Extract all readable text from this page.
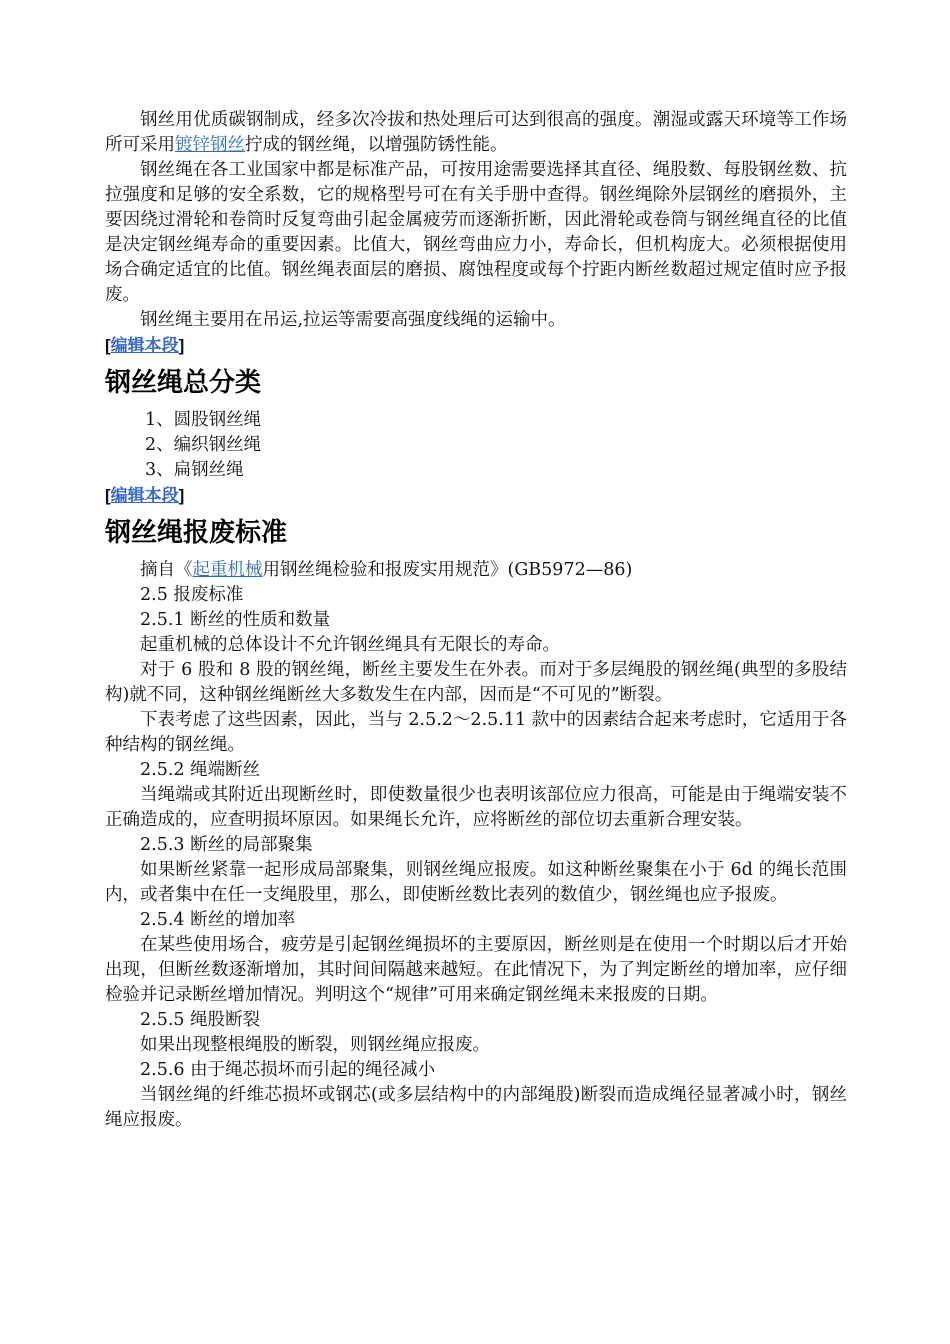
钢丝用优质碳钢制成，经多次冷拔和热处理后可达到很高的强度。潮湿或露天环境等工作场所可采用镀锌钢丝拧成的钢丝绳，以增强防锈性能。

钢丝绳在各工业国家中都是标准产品，可按用途需要选择其直径、绳股数、每股钢丝数、抗拉强度和足够的安全系数，它的规格型号可在有关手册中查得。钢丝绳除外层钢丝的磨损外，主要因绕过滑轮和卷筒时反复弯曲引起金属疲劳而逐渐折断，因此滑轮或卷筒与钢丝绳直径的比值是决定钢丝绳寿命的重要因素。比值大，钢丝弯曲应力小，寿命长，但机构庞大。必须根据使用场合确定适宜的比值。钢丝绳表面层的磨损、腐蚀程度或每个拧距内断丝数超过规定值时应予报废。

钢丝绳主要用在吊运,拉运等需要高强度线绳的运输中。

[编辑本段]

钢丝绳总分类
1、圆股钢丝绳
2、编织钢丝绳
3、扁钢丝绳

[编辑本段]

钢丝绳报废标准

摘自《起重机械用钢丝绳检验和报废实用规范》(GB5972—86)

2.5 报废标准

2.5.1 断丝的性质和数量

起重机械的总体设计不允许钢丝绳具有无限长的寿命。

对于 6 股和 8 股的钢丝绳，断丝主要发生在外表。而对于多层绳股的钢丝绳(典型的多股结构)就不同，这种钢丝绳断丝大多数发生在内部，因而是“不可见的”断裂。

下表考虑了这些因素，因此，当与 2.5.2～2.5.11 款中的因素结合起来考虑时，它适用于各种结构的钢丝绳。

2.5.2 绳端断丝

当绳端或其附近出现断丝时，即使数量很少也表明该部位应力很高，可能是由于绳端安装不正确造成的，应查明损坏原因。如果绳长允许，应将断丝的部位切去重新合理安装。

2.5.3 断丝的局部聚集

如果断丝紧靠一起形成局部聚集，则钢丝绳应报废。如这种断丝聚集在小于 6d 的绳长范围内，或者集中在任一支绳股里，那么，即使断丝数比表列的数值少，钢丝绳也应予报废。

2.5.4 断丝的增加率

在某些使用场合，疲劳是引起钢丝绳损坏的主要原因，断丝则是在使用一个时期以后才开始出现，但断丝数逐渐增加，其时间间隔越来越短。在此情况下，为了判定断丝的增加率，应仔细检验并记录断丝增加情况。判明这个“规律”可用来确定钢丝绳未来报废的日期。

2.5.5 绳股断裂

如果出现整根绳股的断裂，则钢丝绳应报废。

2.5.6 由于绳芯损坏而引起的绳径减小

当钢丝绳的纤维芯损坏或钢芯(或多层结构中的内部绳股)断裂而造成绳径显著减小时，钢丝绳应报废。
